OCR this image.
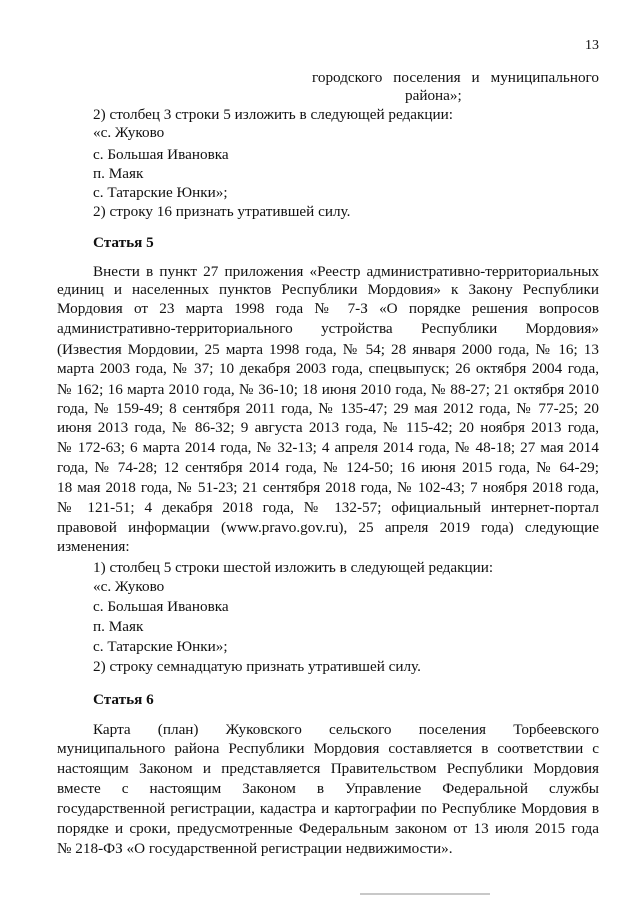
13
городского поселения и муниципального
района»;
2) столбец 3 строки 5 изложить в следующей редакции:
«с. Жуково
с. Большая Ивановка
п. Маяк
с. Татарские Юнки»;
2) строку 16 признать утратившей силу.
Статья 5
Внести в пункт 27 приложения «Реестр административно-территориальных
единиц и населенных пунктов Республики Мордовия» к Закону Республики
Мордовия от 23 марта 1998 года № 7-З «О порядке решения вопросов
административно-территориального устройства Республики Мордовия»
(Известия Мордовии, 25 марта 1998 года, № 54; 28 января 2000 года, № 16; 13
марта 2003 года, № 37; 10 декабря 2003 года, спецвыпуск; 26 октября 2004 года,
№ 162; 16 марта 2010 года, № 36-10; 18 июня 2010 года, № 88-27; 21 октября 2010
года, № 159-49; 8 сентября 2011 года, № 135-47; 29 мая 2012 года, № 77-25; 20
июня 2013 года, № 86-32; 9 августа 2013 года, № 115-42; 20 ноября 2013 года,
№ 172-63; 6 марта 2014 года, № 32-13; 4 апреля 2014 года, № 48-18; 27 мая 2014
года, № 74-28; 12 сентября 2014 года, № 124-50; 16 июня 2015 года, № 64-29;
18 мая 2018 года, № 51-23; 21 сентября 2018 года, № 102-43; 7 ноября 2018 года,
№ 121-51; 4 декабря 2018 года, № 132-57; официальный интернет-портал
правовой информации (www.pravo.gov.ru), 25 апреля 2019 года) следующие
изменения:
1) столбец 5 строки шестой изложить в следующей редакции:
«с. Жуково
с. Большая Ивановка
п. Маяк
с. Татарские Юнки»;
2) строку семнадцатую признать утратившей силу.
Статья 6
Карта (план) Жуковского сельского поселения Торбеевского
муниципального района Республики Мордовия составляется в соответствии с
настоящим Законом и представляется Правительством Республики Мордовия
вместе с настоящим Законом в Управление Федеральной службы
государственной регистрации, кадастра и картографии по Республике Мордовия в
порядке и сроки, предусмотренные Федеральным законом от 13 июля 2015 года
№ 218-ФЗ «О государственной регистрации недвижимости».
